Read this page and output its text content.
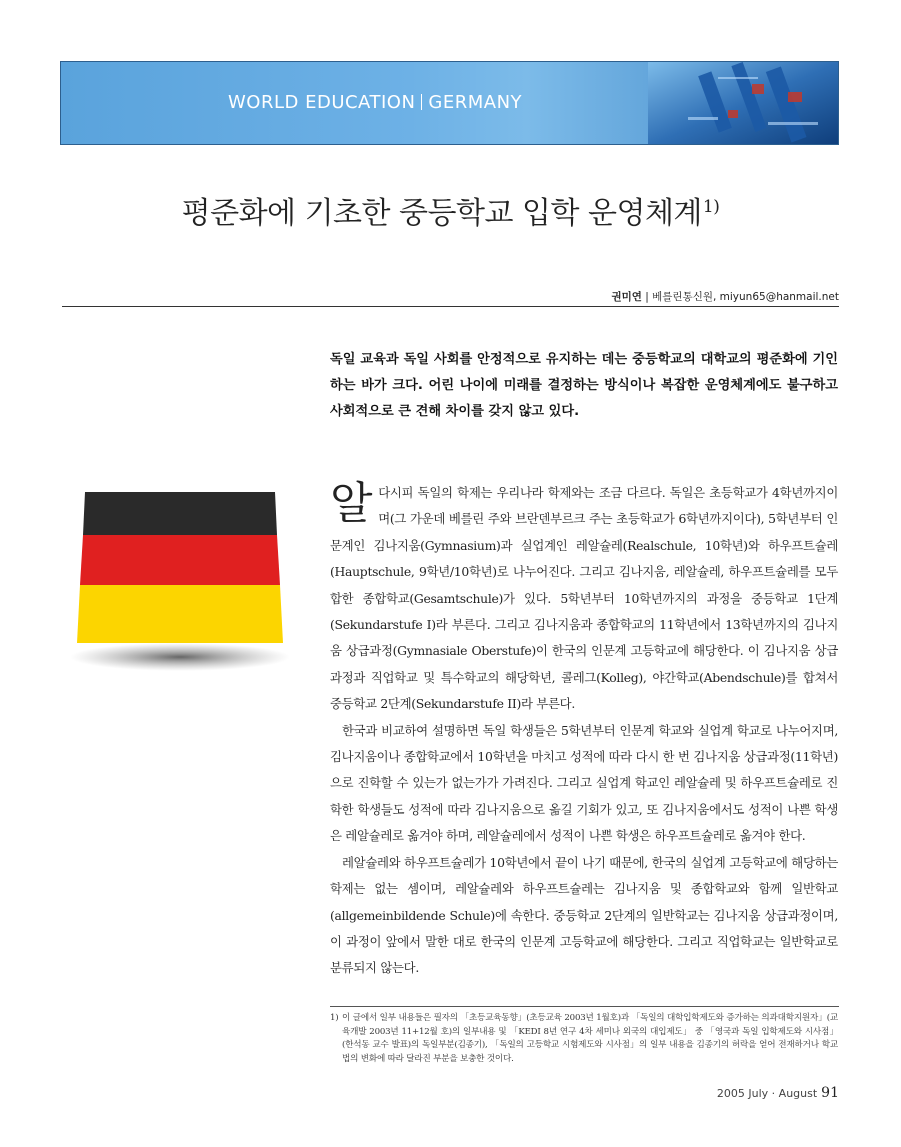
WORLD EDUCATION GERMANY
평준화에 기초한 중등학교 입학 운영체계$^{1)}$
권미연 | 베를린통신원, miyun65@hanmail.net
독일 교육과 독일 사회를 안정적으로 유지하는 데는 중등학교의 대학교의 평준화에 기인하는 바가 크다. 어린 나이에 미래를 결정하는 방식이나 복잡한 운영체계에도 불구하고 사회적으로 큰 견해 차이를 갖지 않고 있다.

알다시피 독일의 학제는 우리나라 학제와는 조금 다르다. 독일은 초등학교가 4학년까지이며(그 가운데 베를린 주와 브란덴부르크 주는 초등학교가 6학년까지이다), 5학년부터 인문계인 김나지움(Gymnasium)과 실업계인 레알슐레(Realschule, 10학년)와 하우프트슐레(Hauptschule, 9학년/10학년)로 나누어진다. 그리고 김나지움, 레알슐레, 하우프트슐레를 모두 합한 종합학교(Gesamtschule)가 있다. 5학년부터 10학년까지의 과정을 중등학교 1단계(Sekundarstufe I)라 부른다. 그리고 김나지움과 종합학교의 11학년에서 13학년까지의 김나지움 상급과정(Gymnasiale Oberstufe)이 한국의 인문계 고등학교에 해당한다. 이 김나지움 상급과정과 직업학교 및 특수학교의 해당학년, 콜레그(Kolleg), 야간학교(Abendschule)를 합쳐서 중등학교 2단계(Sekundarstufe II)라 부른다.

한국과 비교하여 설명하면 독일 학생들은 5학년부터 인문계 학교와 실업계 학교로 나누어지며, 김나지움이나 종합학교에서 10학년을 마치고 성적에 따라 다시 한 번 김나지움 상급과정(11학년)으로 진학할 수 있는가 없는가가 가려진다. 그리고 실업계 학교인 레알슐레 및 하우프트슐레로 진학한 학생들도 성적에 따라 김나지움으로 옮길 기회가 있고, 또 김나지움에서도 성적이 나쁜 학생은 레알슐레로 옮겨야 하며, 레알슐레에서 성적이 나쁜 학생은 하우프트슐레로 옮겨야 한다.

레알슐레와 하우프트슐레가 10학년에서 끝이 나기 때문에, 한국의 실업계 고등학교에 해당하는 학제는 없는 셈이며, 레알슐레와 하우프트슐레는 김나지움 및 종합학교와 함께 일반학교(allgemeinbildende Schule)에 속한다. 중등학교 2단계의 일반학교는 김나지움 상급과정이며, 이 과정이 앞에서 말한 대로 한국의 인문계 고등학교에 해당한다. 그리고 직업학교는 일반학교로 분류되지 않는다.

1) 이 글에서 일부 내용들은 필자의 「초등교육동향」(초등교육 2003년 1월호)과 「독일의 대학입학제도와 증가하는 의과대학지원자」(교육개발 2003년 11+12월 호)의 일부내용 및 「KEDI 8년 연구 4차 세미나 외국의 대입제도」 중 「영국과 독일 입학제도와 시사점」(한석동 교수 발표)의 독일부분(김종기), 「독일의 고등학교 시험제도와 시사점」의 일부 내용을 김종기의 허락을 얻어 전재하거나 학교법의 변화에 따라 달라진 부분을 보충한 것이다.
2005 July · August 91
